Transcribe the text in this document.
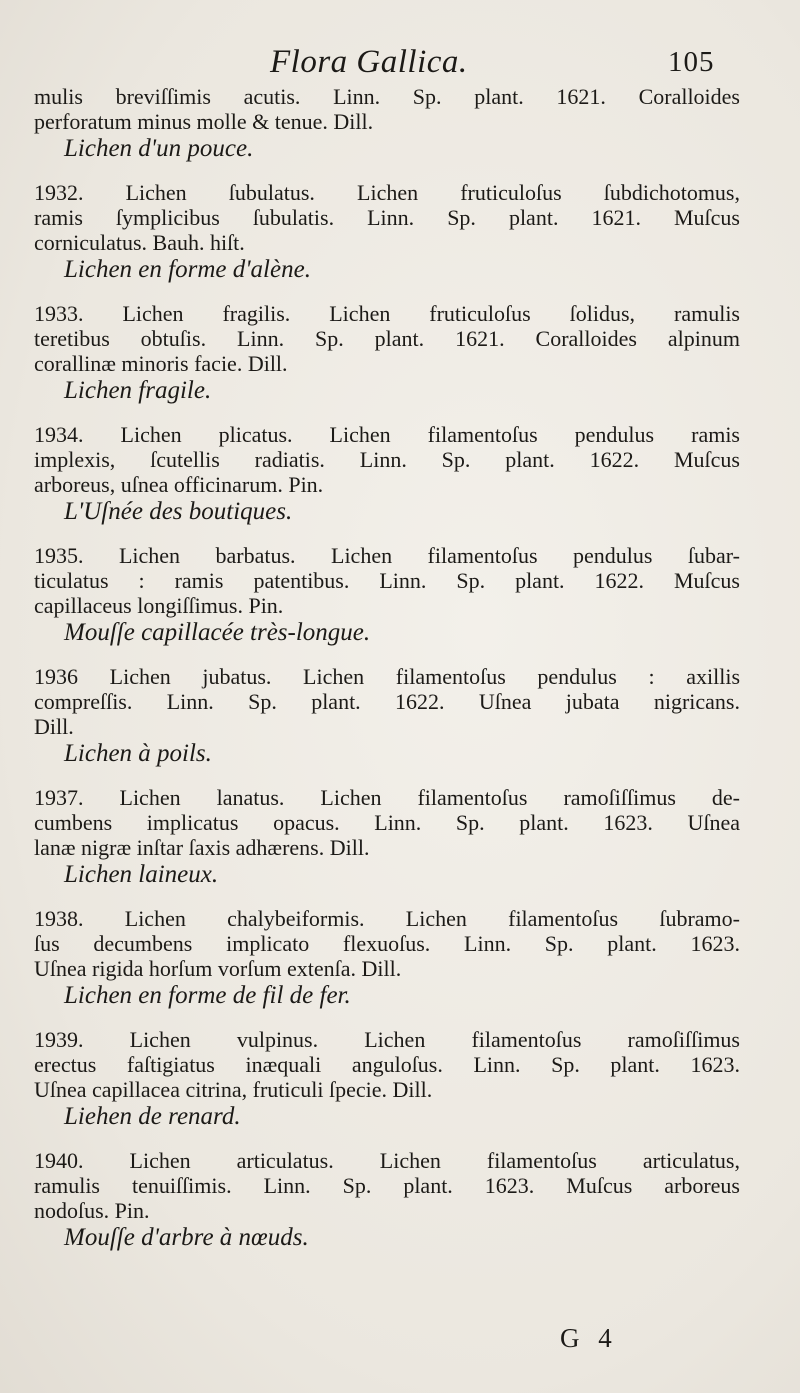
Flora Gallica.	105
mulis breviſſimis acutis. Linn. Sp. plant. 1621. Coralloides
perforatum minus molle & tenue. Dill.
Lichen d'un pouce.
1932. Lichen ſubulatus. Lichen fruticuloſus ſubdichotomus,
ramis ſymplicibus ſubulatis. Linn. Sp. plant. 1621. Muſcus
corniculatus. Bauh. hiſt.
Lichen en forme d'alène.
1933. Lichen fragilis. Lichen fruticuloſus ſolidus, ramulis
teretibus obtuſis. Linn. Sp. plant. 1621. Coralloides alpinum
corallinæ minoris facie. Dill.
Lichen fragile.
1934. Lichen plicatus. Lichen filamentoſus pendulus ramis
implexis, ſcutellis radiatis. Linn. Sp. plant. 1622. Muſcus
arboreus, uſnea officinarum. Pin.
L'Uſnée des boutiques.
1935. Lichen barbatus. Lichen filamentoſus pendulus ſubar-
ticulatus : ramis patentibus. Linn. Sp. plant. 1622. Muſcus
capillaceus longiſſimus. Pin.
Mouſſe capillacée très-longue.
1936 Lichen jubatus. Lichen filamentoſus pendulus : axillis
compreſſis. Linn. Sp. plant. 1622. Uſnea jubata nigricans.
Dill.
Lichen à poils.
1937. Lichen lanatus. Lichen filamentoſus ramoſiſſimus de-
cumbens implicatus opacus. Linn. Sp. plant. 1623. Uſnea
lanæ nigræ inſtar ſaxis adhærens. Dill.
Lichen laineux.
1938. Lichen chalybeiformis. Lichen filamentoſus ſubramo-
ſus decumbens implicato flexuoſus. Linn. Sp. plant. 1623.
Uſnea rigida horſum vorſum extenſa. Dill.
Lichen en forme de fil de fer.
1939. Lichen vulpinus. Lichen filamentoſus ramoſiſſimus
erectus faſtigiatus inæquali anguloſus. Linn. Sp. plant. 1623.
Uſnea capillacea citrina, fruticuli ſpecie. Dill.
Liehen de renard.
1940. Lichen articulatus. Lichen filamentoſus articulatus,
ramulis tenuiſſimis. Linn. Sp. plant. 1623. Muſcus arboreus
nodoſus. Pin.
Mouſſe d'arbre à nœuds.
G 4
